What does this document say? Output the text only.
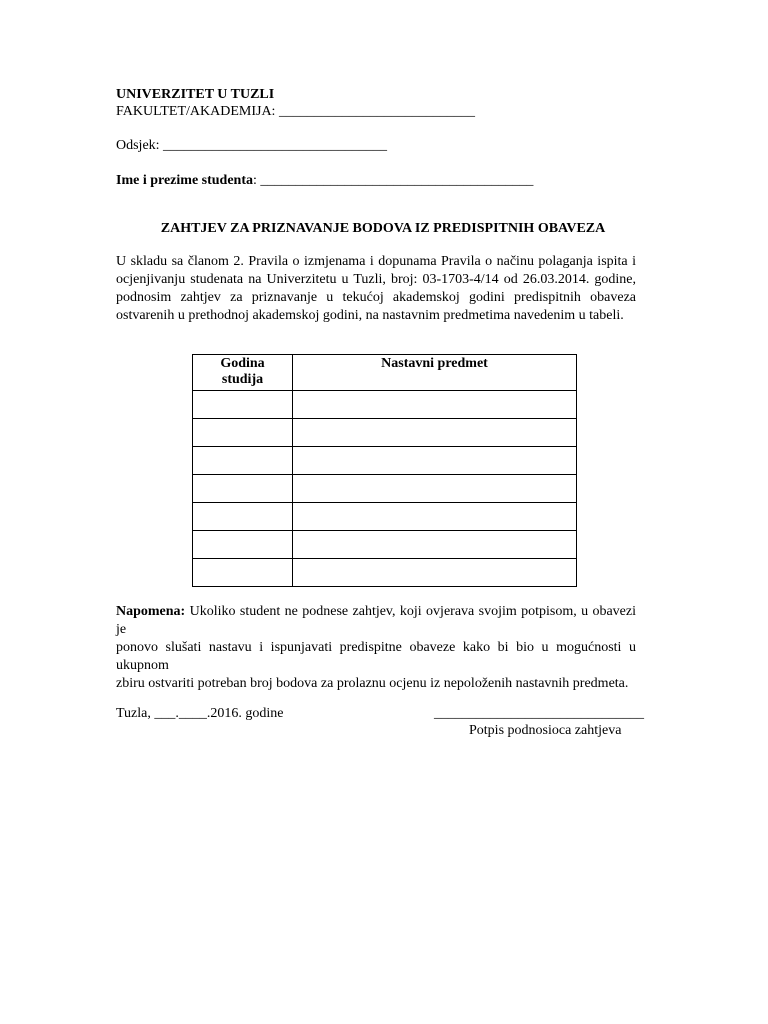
UNIVERZITET U TUZLI
FAKULTET/AKADEMIJA: ____________________________
Odsjek: ________________________________
Ime i prezime studenta: _______________________________________
ZAHTJEV ZA PRIZNAVANJE BODOVA IZ PREDISPITNIH OBAVEZA
U skladu sa članom 2. Pravila o izmjenama i dopunama Pravila o načinu polaganja ispita i
ocjenjivanju studenata na Univerzitetu u Tuzli, broj: 03-1703-4/14 od 26.03.2014. godine,
podnosim zahtjev za priznavanje u tekućoj akademskoj godini predispitnih obaveza
ostvarenih u prethodnoj akademskoj godini, na nastavnim predmetima navedenim u tabeli.
Godina
studija	Nastavni predmet

Napomena: Ukoliko student ne podnese zahtjev, koji ovjerava svojim potpisom, u obavezi je
ponovo slušati nastavu i ispunjavati predispitne obaveze kako bi bio u mogućnosti u ukupnom
zbiru ostvariti potreban broj bodova za prolaznu ocjenu iz nepoloženih nastavnih predmeta.
Tuzla, ___.____.2016. godine	______________________________
Potpis podnosioca zahtjeva
